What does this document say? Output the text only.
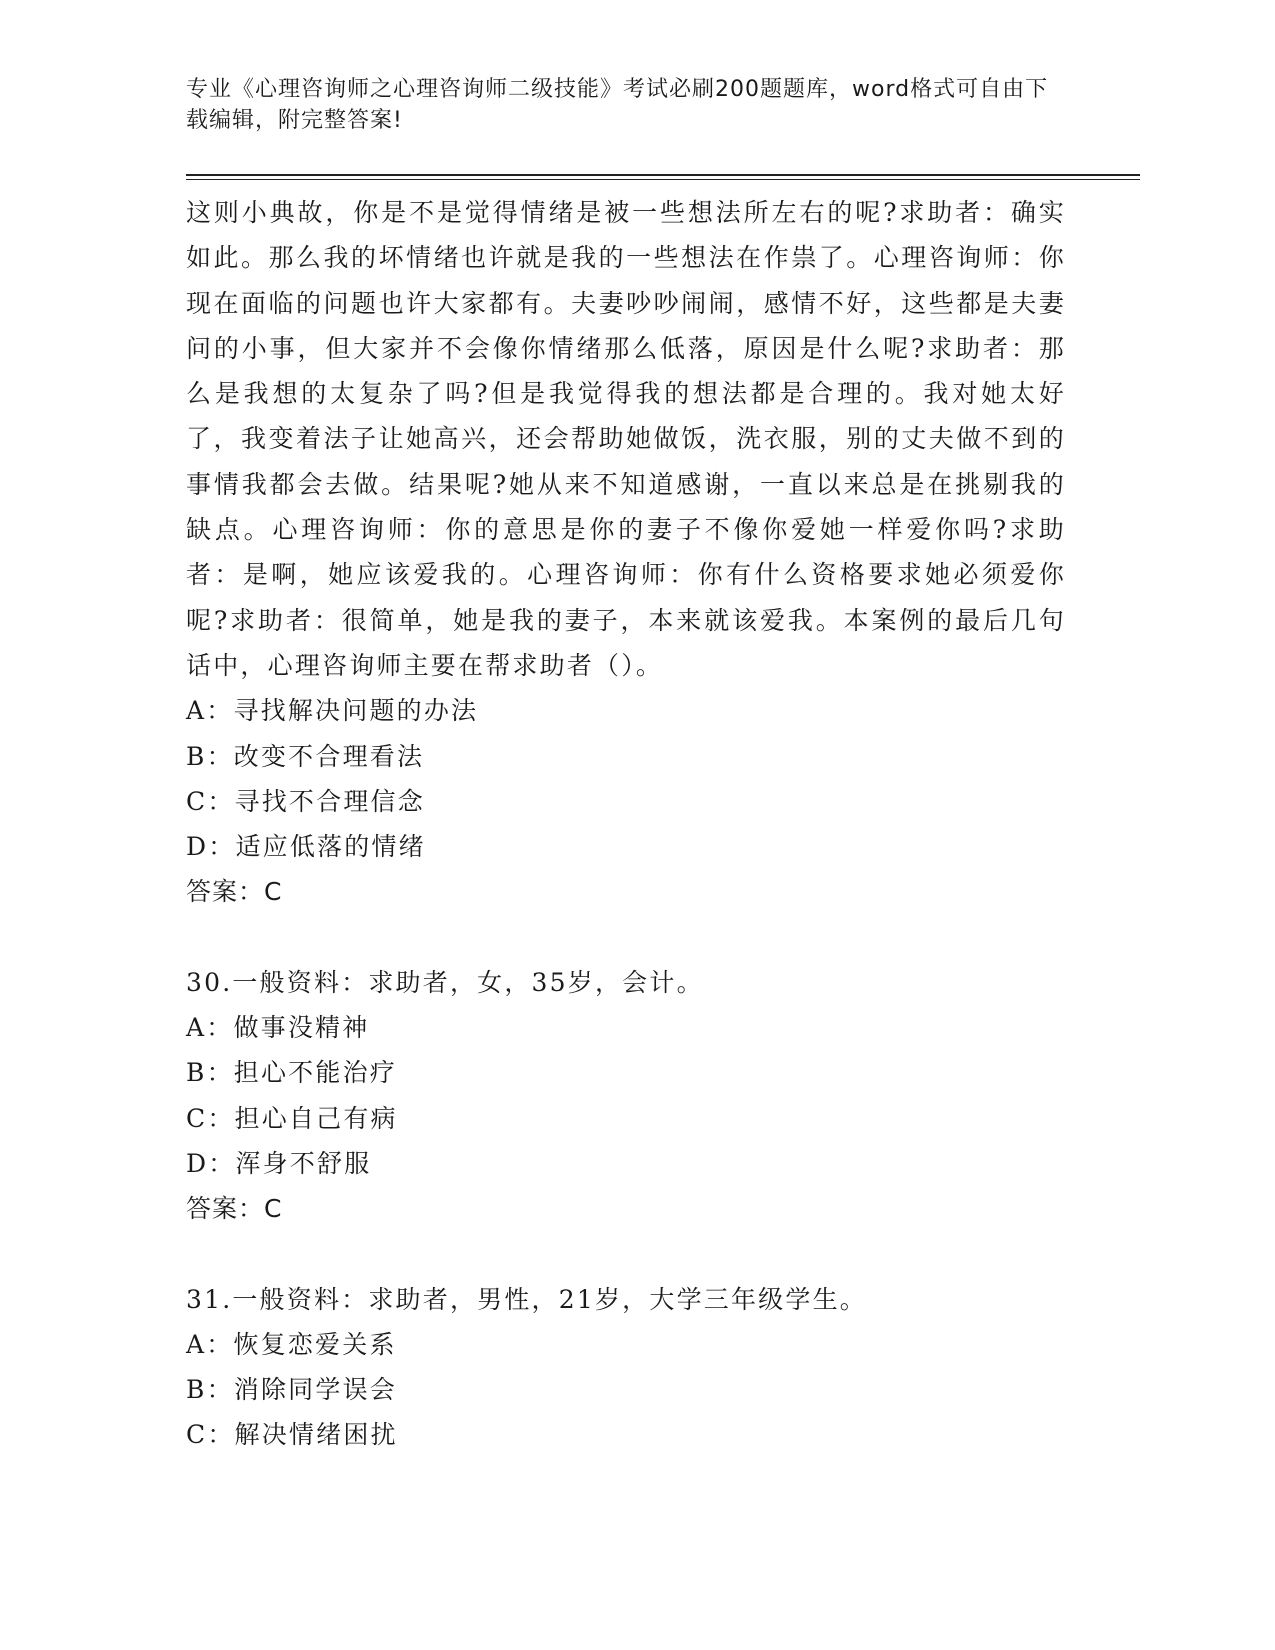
专业《心理咨询师之心理咨询师二级技能》考试必刷200题题库，word格式可自由下载编辑，附完整答案!

这则小典故，你是不是觉得情绪是被一些想法所左右的呢?求助者：确实如此。那么我的坏情绪也许就是我的一些想法在作祟了。心理咨询师：你现在面临的问题也许大家都有。夫妻吵吵闹闹，感情不好，这些都是夫妻问的小事，但大家并不会像你情绪那么低落，原因是什么呢?求助者：那么是我想的太复杂了吗?但是我觉得我的想法都是合理的。我对她太好了，我变着法子让她高兴，还会帮助她做饭，洗衣服，别的丈夫做不到的事情我都会去做。结果呢?她从来不知道感谢，一直以来总是在挑剔我的缺点。心理咨询师：你的意思是你的妻子不像你爱她一样爱你吗?求助者：是啊，她应该爱我的。心理咨询师：你有什么资格要求她必须爱你呢?求助者：很简单，她是我的妻子，本来就该爱我。本案例的最后几句话中，心理咨询师主要在帮求助者（）。

A：寻找解决问题的办法

B：改变不合理看法

C：寻找不合理信念

D：适应低落的情绪

答案：C

30.一般资料：求助者，女，35岁，会计。

A：做事没精神

B：担心不能治疗

C：担心自己有病

D：浑身不舒服

答案：C

31.一般资料：求助者，男性，21岁，大学三年级学生。

A：恢复恋爱关系

B：消除同学误会

C：解决情绪困扰
